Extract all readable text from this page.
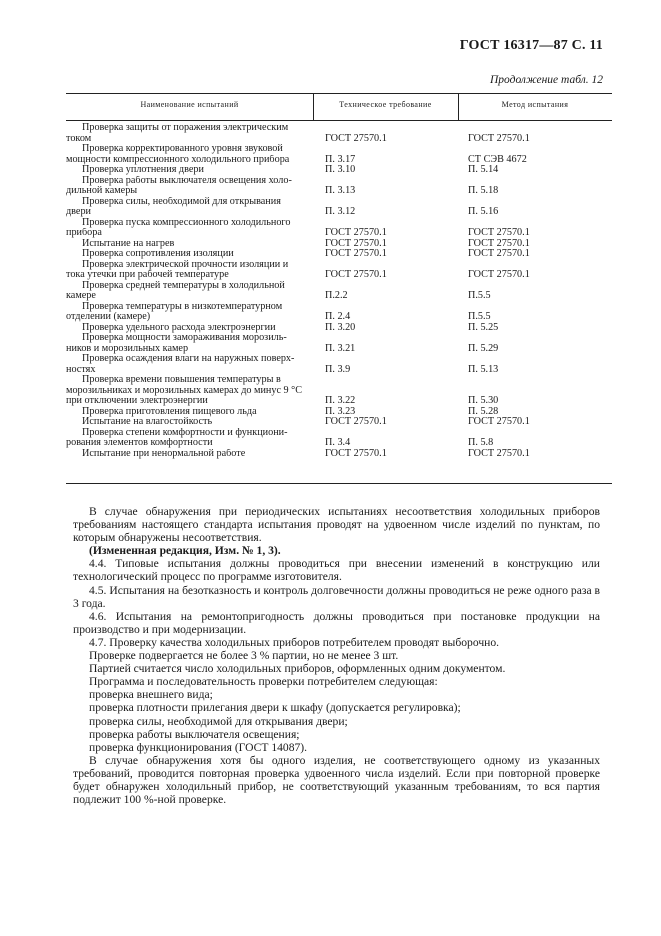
ГОСТ 16317—87 С. 11
Продолжение табл. 12
Наименование испытаний	Техническое требование	Метод испытания
Проверка защиты от поражения электрическим
током	ГОСТ 27570.1	ГОСТ 27570.1
Проверка корректированного уровня звуковой
мощности компрессионного холодильного прибора	П. 3.17	СТ СЭВ 4672
Проверка уплотнения двери	П. 3.10	П. 5.14
Проверка работы выключателя освещения холо-
дильной камеры	П. 3.13	П. 5.18
Проверка силы, необходимой для открывания
двери	П. 3.12	П. 5.16
Проверка пуска компрессионного холодильного
прибора	ГОСТ 27570.1	ГОСТ 27570.1
Испытание на нагрев	ГОСТ 27570.1	ГОСТ 27570.1
Проверка сопротивления изоляции	ГОСТ 27570.1	ГОСТ 27570.1
Проверка электрической прочности изоляции и
тока утечки при рабочей температуре	ГОСТ 27570.1	ГОСТ 27570.1
Проверка средней температуры в холодильной
камере	П.2.2	П.5.5
Проверка температуры в низкотемпературном
отделении (камере)	П. 2.4	П.5.5
Проверка удельного расхода электроэнергии	П. 3.20	П. 5.25
Проверка мощности замораживания морозиль-
ников и морозильных камер	П. 3.21	П. 5.29
Проверка осаждения влаги на наружных поверх-
ностях	П. 3.9	П. 5.13
Проверка времени повышения температуры в
морозильниках и морозильных камерах до минус 9 °С
при отключении электроэнергии	П. 3.22	П. 5.30
Проверка приготовления пищевого льда	П. 3.23	П. 5.28
Испытание на влагостойкость	ГОСТ 27570.1	ГОСТ 27570.1
Проверка степени комфортности и функциони-
рования элементов комфортности	П. 3.4	П. 5.8
Испытание при ненормальной работе	ГОСТ 27570.1	ГОСТ 27570.1

В случае обнаружения при периодических испытаниях несоответствия холодильных приборов требованиям настоящего стандарта испытания проводят на удвоенном числе изделий по пунктам, по которым обнаружены несоответствия.

(Измененная редакция, Изм. № 1, 3).

4.4. Типовые испытания должны проводиться при внесении изменений в конструкцию или технологический процесс по программе изготовителя.

4.5. Испытания на безотказность и контроль долговечности должны проводиться не реже одного раза в 3 года.

4.6. Испытания на ремонтопригодность должны проводиться при постановке продукции на производство и при модернизации.

4.7. Проверку качества холодильных приборов потребителем проводят выборочно.

Проверке подвергается не более 3 % партии, но не менее 3 шт.

Партией считается число холодильных приборов, оформленных одним документом.

Программа и последовательность проверки потребителем следующая:

проверка внешнего вида;

проверка плотности прилегания двери к шкафу (допускается регулировка);

проверка силы, необходимой для открывания двери;

проверка работы выключателя освещения;

проверка функционирования (ГОСТ 14087).

В случае обнаружения хотя бы одного изделия, не соответствующего одному из указанных требований, проводится повторная проверка удвоенного числа изделий. Если при повторной проверке будет обнаружен холодильный прибор, не соответствующий указанным требованиям, то вся партия подлежит 100 %-ной проверке.
